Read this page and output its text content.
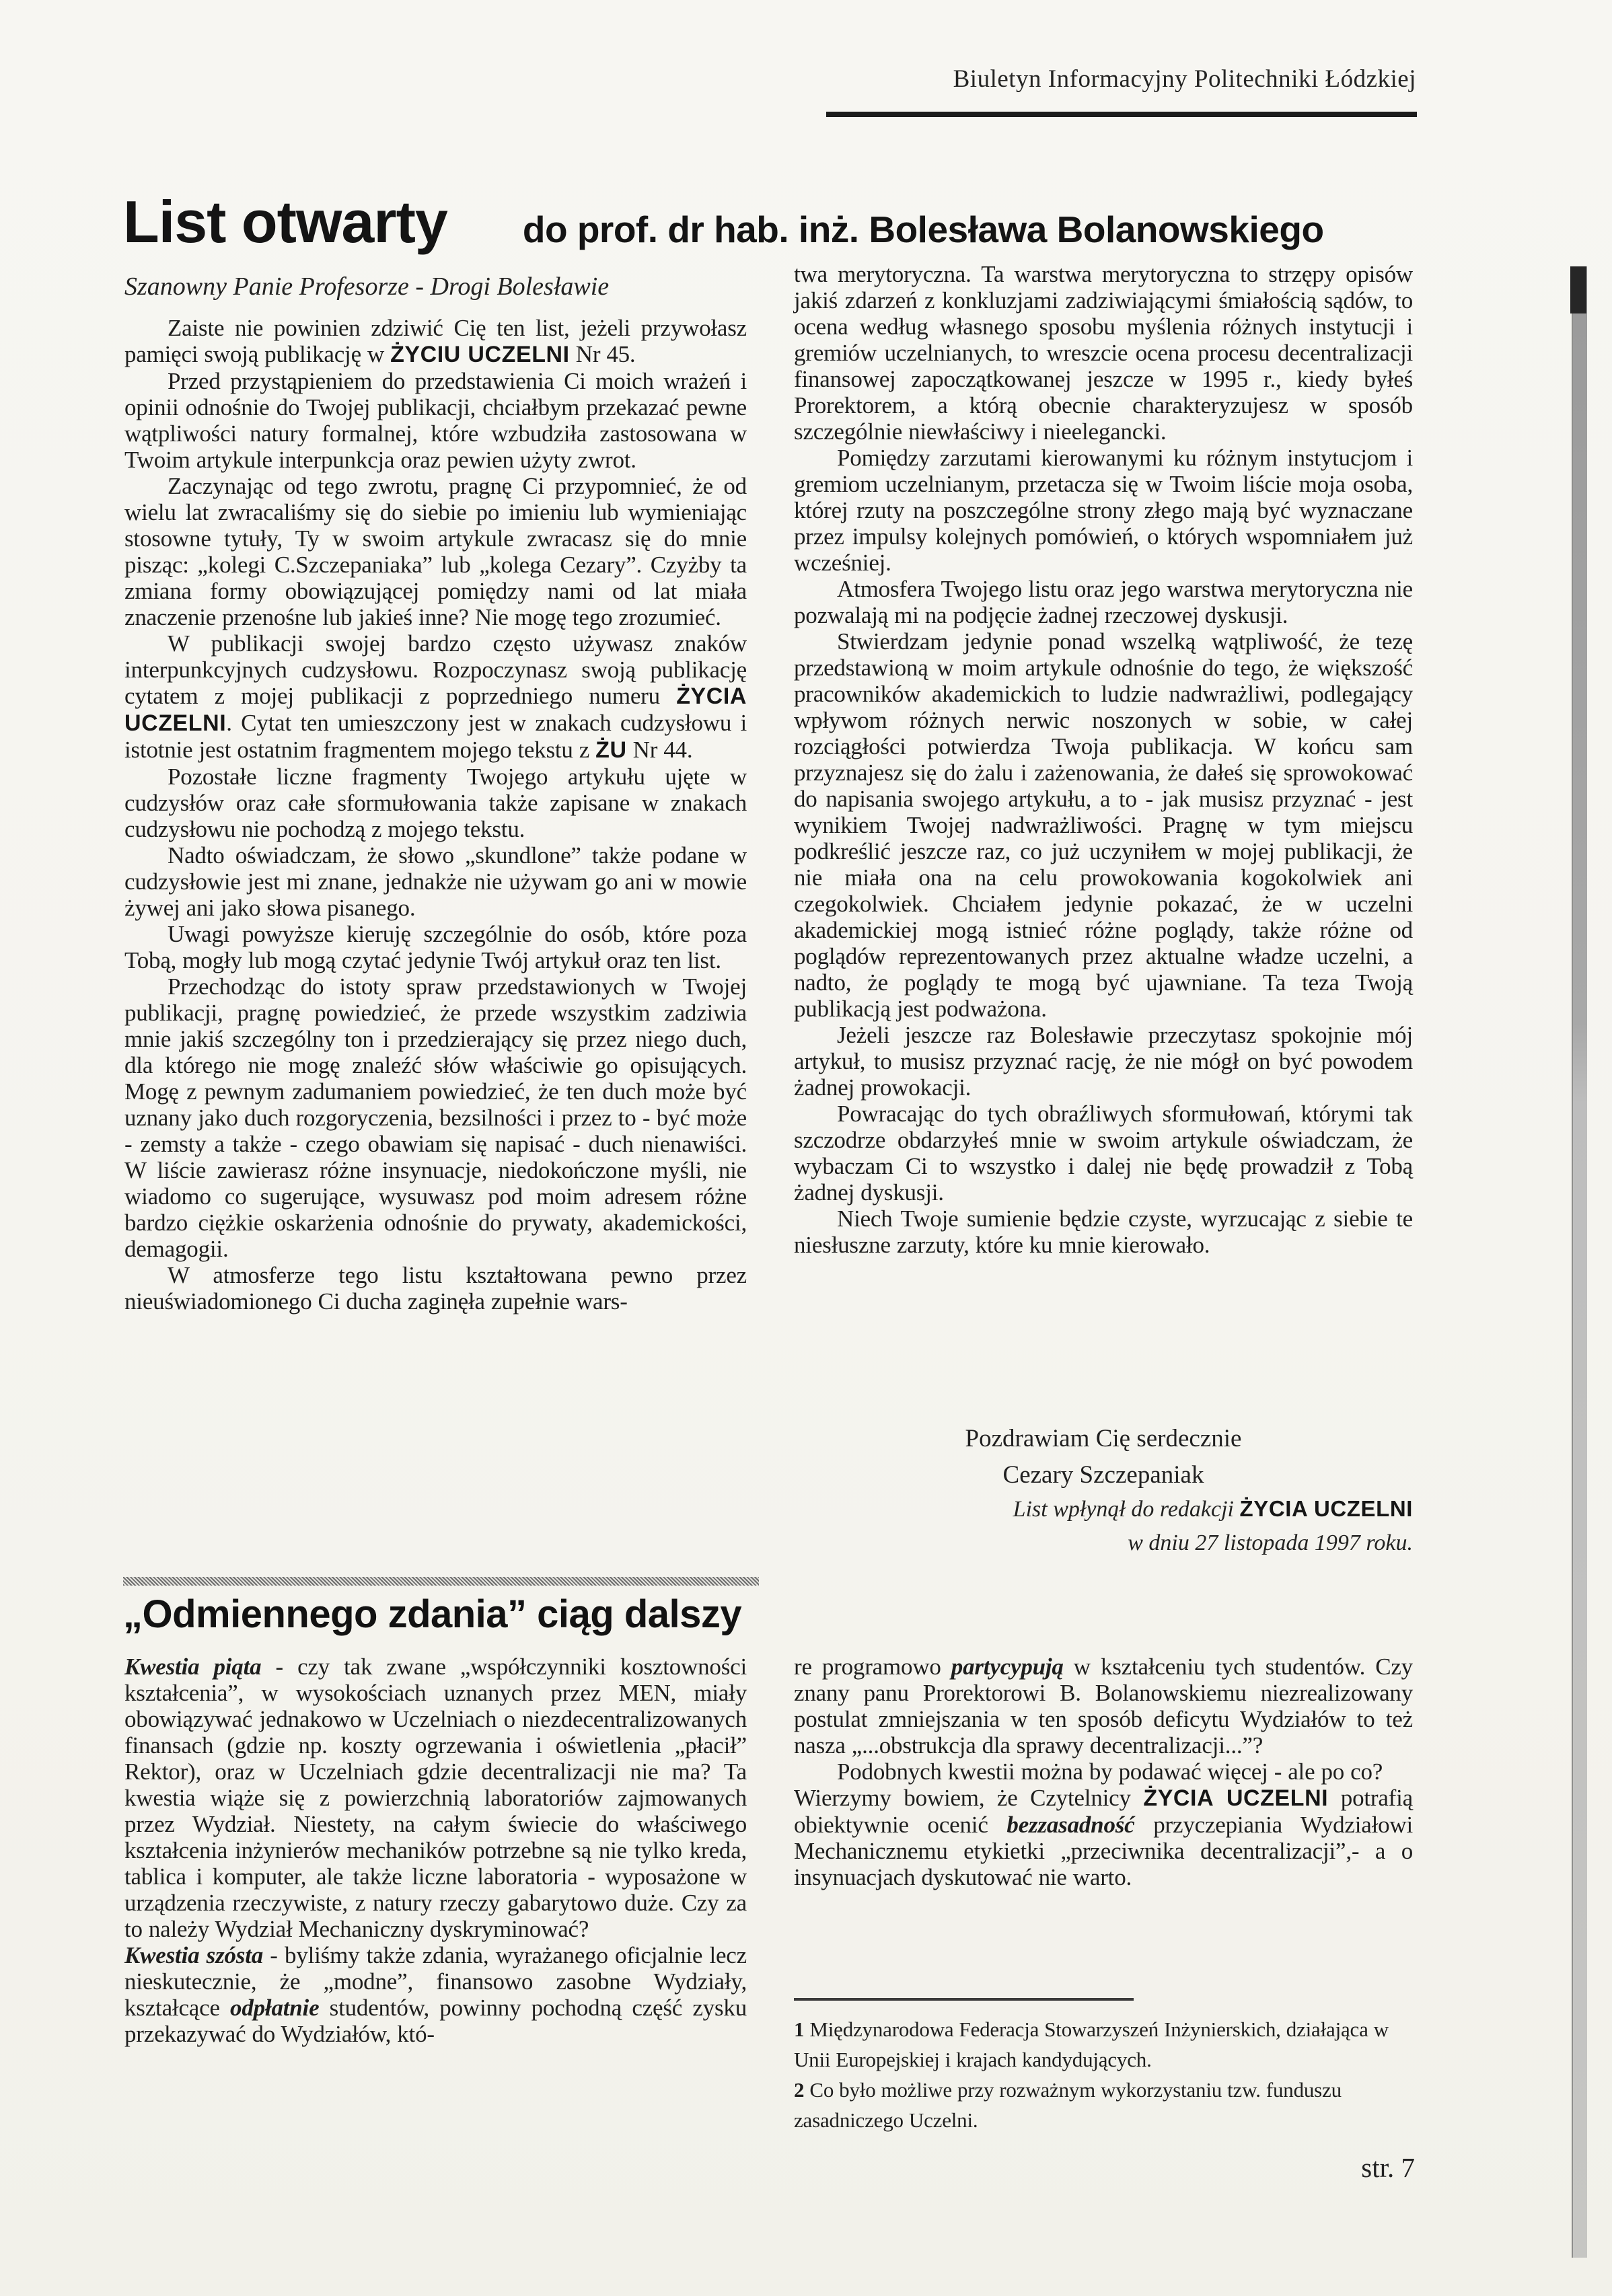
Biuletyn Informacyjny Politechniki Łódzkiej
List otwarty do prof. dr hab. inż. Bolesława Bolanowskiego
Szanowny Panie Profesorze - Drogi Bolesławie

Zaiste nie powinien zdziwić Cię ten list, jeżeli przywołasz pamięci swoją publikację w ŻYCIU UCZELNI Nr 45.

Przed przystąpieniem do przedstawienia Ci moich wrażeń i opinii odnośnie do Twojej publikacji, chciałbym przekazać pewne wątpliwości natury formalnej, które wzbudziła zastosowana w Twoim artykule interpunkcja oraz pewien użyty zwrot.

Zaczynając od tego zwrotu, pragnę Ci przypomnieć, że od wielu lat zwracaliśmy się do siebie po imieniu lub wymieniając stosowne tytuły, Ty w swoim artykule zwracasz się do mnie pisząc: „kolegi C.Szczepaniaka” lub „kolega Cezary”. Czyżby ta zmiana formy obowiązującej pomiędzy nami od lat miała znaczenie przenośne lub jakieś inne? Nie mogę tego zrozumieć.

W publikacji swojej bardzo często używasz znaków interpunkcyjnych cudzysłowu. Rozpoczynasz swoją publikację cytatem z mojej publikacji z poprzedniego numeru ŻYCIA UCZELNI. Cytat ten umieszczony jest w znakach cudzysłowu i istotnie jest ostatnim fragmentem mojego tekstu z ŻU Nr 44.

Pozostałe liczne fragmenty Twojego artykułu ujęte w cudzysłów oraz całe sformułowania także zapisane w znakach cudzysłowu nie pochodzą z mojego tekstu.

Nadto oświadczam, że słowo „skundlone” także podane w cudzysłowie jest mi znane, jednakże nie używam go ani w mowie żywej ani jako słowa pisanego.

Uwagi powyższe kieruję szczególnie do osób, które poza Tobą, mogły lub mogą czytać jedynie Twój artykuł oraz ten list.

Przechodząc do istoty spraw przedstawionych w Twojej publikacji, pragnę powiedzieć, że przede wszystkim zadziwia mnie jakiś szczególny ton i przedzierający się przez niego duch, dla którego nie mogę znaleźć słów właściwie go opisujących. Mogę z pewnym zadumaniem powiedzieć, że ten duch może być uznany jako duch rozgoryczenia, bezsilności i przez to - być może - zemsty a także - czego obawiam się napisać - duch nienawiści. W liście zawierasz różne insynuacje, niedokończone myśli, nie wiadomo co sugerujące, wysuwasz pod moim adresem różne bardzo ciężkie oskarżenia odnośnie do prywaty, akademickości, demagogii.

W atmosferze tego listu kształtowana pewno przez nieuświadomionego Ci ducha zaginęła zupełnie wars-

twa merytoryczna. Ta warstwa merytoryczna to strzępy opisów jakiś zdarzeń z konkluzjami zadziwiającymi śmiałością sądów, to ocena według własnego sposobu myślenia różnych instytucji i gremiów uczelnianych, to wreszcie ocena procesu decentralizacji finansowej zapoczątkowanej jeszcze w 1995 r., kiedy byłeś Prorektorem, a którą obecnie charakteryzujesz w sposób szczególnie niewłaściwy i nieelegancki.

Pomiędzy zarzutami kierowanymi ku różnym instytucjom i gremiom uczelnianym, przetacza się w Twoim liście moja osoba, której rzuty na poszczególne strony złego mają być wyznaczane przez impulsy kolejnych pomówień, o których wspomniałem już wcześniej.

Atmosfera Twojego listu oraz jego warstwa merytoryczna nie pozwalają mi na podjęcie żadnej rzeczowej dyskusji.

Stwierdzam jedynie ponad wszelką wątpliwość, że tezę przedstawioną w moim artykule odnośnie do tego, że większość pracowników akademickich to ludzie nadwrażliwi, podlegający wpływom różnych nerwic noszonych w sobie, w całej rozciągłości potwierdza Twoja publikacja. W końcu sam przyznajesz się do żalu i zażenowania, że dałeś się sprowokować do napisania swojego artykułu, a to - jak musisz przyznać - jest wynikiem Twojej nadwrażliwości. Pragnę w tym miejscu podkreślić jeszcze raz, co już uczyniłem w mojej publikacji, że nie miała ona na celu prowokowania kogokolwiek ani czegokolwiek. Chciałem jedynie pokazać, że w uczelni akademickiej mogą istnieć różne poglądy, także różne od poglądów reprezentowanych przez aktualne władze uczelni, a nadto, że poglądy te mogą być ujawniane. Ta teza Twoją publikacją jest podważona.

Jeżeli jeszcze raz Bolesławie przeczytasz spokojnie mój artykuł, to musisz przyznać rację, że nie mógł on być powodem żadnej prowokacji.

Powracając do tych obraźliwych sformułowań, którymi tak szczodrze obdarzyłeś mnie w swoim artykule oświadczam, że wybaczam Ci to wszystko i dalej nie będę prowadził z Tobą żadnej dyskusji.

Niech Twoje sumienie będzie czyste, wyrzucając z siebie te niesłuszne zarzuty, które ku mnie kierowało.

Pozdrawiam Cię serdecznie
Cezary Szczepaniak
List wpłynął do redakcji ŻYCIA UCZELNI
w dniu 27 listopada 1997 roku.
„Odmiennego zdania” ciąg dalszy

Kwestia piąta - czy tak zwane „współczynniki kosztowności kształcenia”, w wysokościach uznanych przez MEN, miały obowiązywać jednakowo w Uczelniach o niezdecentralizowanych finansach (gdzie np. koszty ogrzewania i oświetlenia „płacił” Rektor), oraz w Uczelniach gdzie decentralizacji nie ma? Ta kwestia wiąże się z powierzchnią laboratoriów zajmowanych przez Wydział. Niestety, na całym świecie do właściwego kształcenia inżynierów mechaników potrzebne są nie tylko kreda, tablica i komputer, ale także liczne laboratoria - wyposażone w urządzenia rzeczywiste, z natury rzeczy gabarytowo duże. Czy za to należy Wydział Mechaniczny dyskryminować?

Kwestia szósta - byliśmy także zdania, wyrażanego oficjalnie lecz nieskutecznie, że „modne”, finansowo zasobne Wydziały, kształcące odpłatnie studentów, powinny pochodną część zysku przekazywać do Wydziałów, któ-

re programowo partycypują w kształceniu tych studentów. Czy znany panu Prorektorowi B. Bolanowskiemu niezrealizowany postulat zmniejszania w ten sposób deficytu Wydziałów to też nasza „...obstrukcja dla sprawy decentralizacji...”?

Podobnych kwestii można by podawać więcej - ale po co?

Wierzymy bowiem, że Czytelnicy ŻYCIA UCZELNI potrafią obiektywnie ocenić bezzasadność przyczepiania Wydziałowi Mechanicznemu etykietki „przeciwnika decentralizacji”,- a o insynuacjach dyskutować nie warto.

1 Międzynarodowa Federacja Stowarzyszeń Inżynierskich, działająca w Unii Europejskiej i krajach kandydujących.

2 Co było możliwe przy rozważnym wykorzystaniu tzw. funduszu zasadniczego Uczelni.

str. 7
